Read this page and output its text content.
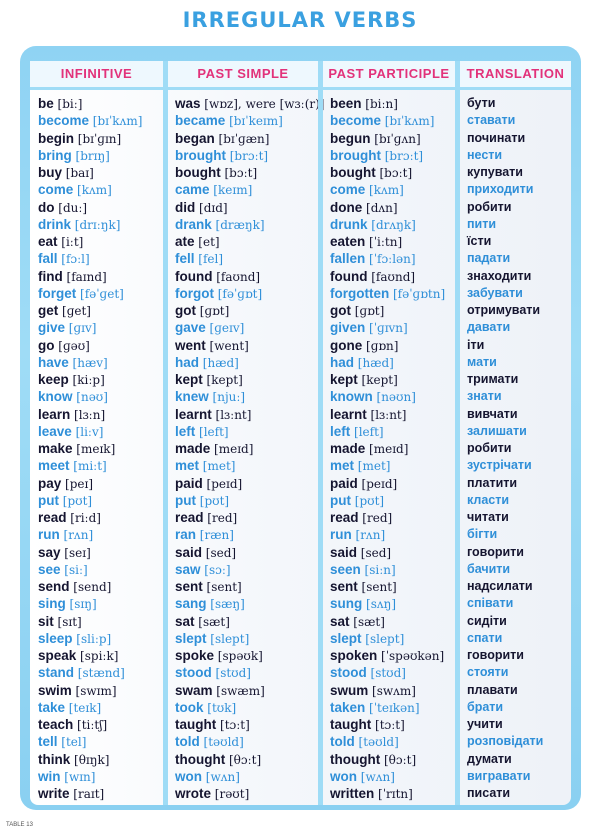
IRREGULAR VERBS
INFINITIVE
be [biː]
become [bɪˈkʌm]
begin [bɪˈɡɪn]
bring [brɪŋ]
buy [baɪ]
come [kʌm]
do [duː]
drink [drɪːŋk]
eat [iːt]
fall [fɔːl]
find [faɪnd]
forget [fəˈɡet]
get [ɡet]
give [ɡɪv]
go [ɡəʊ]
have [hæv]
keep [kiːp]
know [nəʊ]
learn [lɜːn]
leave [liːv]
make [meɪk]
meet [miːt]
pay [peɪ]
put [pʊt]
read [riːd]
run [rʌn]
say [seɪ]
see [siː]
send [send]
sing [sɪŋ]
sit [sɪt]
sleep [sliːp]
speak [spiːk]
stand [stænd]
swim [swɪm]
take [teɪk]
teach [tiːtʃ]
tell [tel]
think [θɪŋk]
win [wɪn]
write [raɪt]
PAST SIMPLE
was [wɒz], were [wɜː(r)]
became [bɪˈkeɪm]
began [bɪˈɡæn]
brought [brɔːt]
bought [bɔːt]
came [keɪm]
did [dɪd]
drank [dræŋk]
ate [et]
fell [fel]
found [faʊnd]
forgot [fəˈɡɒt]
got [ɡɒt]
gave [ɡeɪv]
went [went]
had [hæd]
kept [kept]
knew [njuː]
learnt [lɜːnt]
left [left]
made [meɪd]
met [met]
paid [peɪd]
put [pʊt]
read [red]
ran [ræn]
said [sed]
saw [sɔː]
sent [sent]
sang [sæŋ]
sat [sæt]
slept [slept]
spoke [spəʊk]
stood [stʊd]
swam [swæm]
took [tʊk]
taught [tɔːt]
told [təʊld]
thought [θɔːt]
won [wʌn]
wrote [rəʊt]
PAST PARTICIPLE
been [biːn]
become [bɪˈkʌm]
begun [bɪˈɡʌn]
brought [brɔːt]
bought [bɔːt]
come [kʌm]
done [dʌn]
drunk [drʌŋk]
eaten [ˈiːtn]
fallen [ˈfɔːlən]
found [faʊnd]
forgotten [fəˈɡɒtn]
got [ɡɒt]
given [ˈɡɪvn]
gone [ɡɒn]
had [hæd]
kept [kept]
known [nəʊn]
learnt [lɜːnt]
left [left]
made [meɪd]
met [met]
paid [peɪd]
put [pʊt]
read [red]
run [rʌn]
said [sed]
seen [siːn]
sent [sent]
sung [sʌŋ]
sat [sæt]
slept [slept]
spoken [ˈspəʊkən]
stood [stʊd]
swum [swʌm]
taken [ˈteɪkən]
taught [tɔːt]
told [təʊld]
thought [θɔːt]
won [wʌn]
written [ˈrɪtn]
TRANSLATION
бути
ставати
починати
нести
купувати
приходити
робити
пити
їсти
падати
знаходити
забувати
отримувати
давати
іти
мати
тримати
знати
вивчати
залишати
робити
зустрічати
платити
класти
читати
бігти
говорити
бачити
надсилати
співати
сидіти
спати
говорити
стояти
плавати
брати
учити
розповідати
думати
вигравати
писати
TABLE 13
